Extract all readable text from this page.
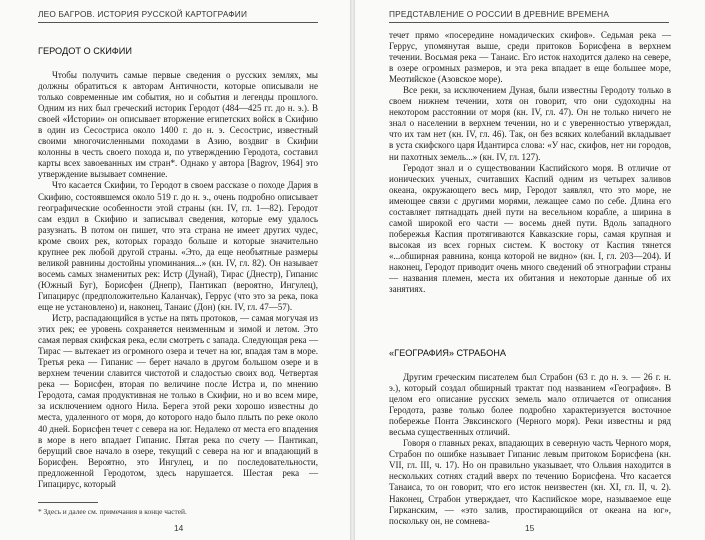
ЛЕО БАГРОВ. ИСТОРИЯ РУССКОЙ КАРТОГРАФИИ
ГЕРОДОТ О СКИФИИ

Чтобы получить самые первые сведения о русских землях, мы должны обратиться к авторам Античности, которые описывали не только современные им события, но и события и легенды прошлого. Одним из них был греческий историк Геродот (484—425 гг. до н. э.). В своей «Истории» он описывает вторжение египетских войск в Скифию в один из Сесострисa около 1400 г. до н. э. Сесострис, известный своими многочисленными походами в Азию, воздвиг в Скифии колонны в честь своего похода и, по утверждению Геродота, составил карты всех завоеванных им стран*. Однако у автора [Bagrov, 1964] это утверждение вызывает сомнение.

Что касается Скифии, то Геродот в своем рассказе о походе Дария в Скифию, состоявшемся около 519 г. до н. э., очень подробно описывает географические особенности этой страны (кн. IV, гл. 1—82). Геродот сам ездил в Скифию и записывал сведения, которые ему удалось разузнать. В потом он пишет, что эта страна не имеет других чудес, кроме своих рек, которых гораздо больше и которые значительно крупнее рек любой другой страны. «Это, да еще необъятные размеры великой равнины достойны упоминания...» (кн. IV, гл. 82). Он называет восемь самых знаменитых рек: Истр (Дунай), Тирас (Днестр), Гипанис (Южный Буг), Борисфен (Днепр), Пантикап (вероятно, Ингулец), Гипацирус (предположительно Каланчак), Геррус (что это за река, пока еще не установлено) и, наконец, Танаис (Дон) (кн. IV, гл. 47—57).

Истр, распадающийся в устье на пять протоков, — самая могучая из этих рек; ее уровень сохраняется неизменным и зимой и летом. Это самая первая скифская река, если смотреть с запада. Следующая река — Тирас — вытекает из огромного озера и течет на юг, впадая там в море. Третья река — Гипанис — берет начало в другом большом озере и в верхнем течении славится чистотой и сладостью своих вод. Четвертая река — Борисфен, вторая по величине после Истра и, по мнению Геродота, самая продуктивная не только в Скифии, но и во всем мире, за исключением одного Нила. Берега этой реки хорошо известны до места, удаленного от моря, до которого надо было плыть по реке около 40 дней. Борисфен течет с севера на юг. Недалеко от места его впадения в море в него впадает Гипанис. Пятая река по счету — Пантикап, берущий свое начало в озере, текущий с севера на юг и впадающий в Борисфен. Вероятно, это Ингулец, и по последовательности, предложенной Геродотом, здесь нарушается. Шестая река — Гипацирус, который

* Здесь и далее см. примечания в конце частей.
14
ПРЕДСТАВЛЕНИЕ О РОССИИ В ДРЕВНИЕ ВРЕМЕНА

течет прямо «посередине номадических скифов». Седьмая река — Геррус, упомянутая выше, среди притоков Борисфена в верхнем течении. Восьмая река — Танаис. Его исток находится далеко на севере, в озере огромных размеров, и эта река впадает в еще большее море, Меотийское (Азовское море).

Все реки, за исключением Дуная, были известны Геродоту только в своем нижнем течении, хотя он говорит, что они судоходны на некотором расстоянии от моря (кн. IV, гл. 47). Он не только ничего не знал о населении в верхнем течении, но и с уверенностью утверждал, что их там нет (кн. IV, гл. 46). Так, он без всяких колебаний вкладывает в уста скифского царя Идантирса слова: «У нас, скифов, нет ни городов, ни пахотных земель...» (кн. IV, гл. 127).

Геродот знал и о существовании Каспийского моря. В отличие от ионических ученых, считавших Каспий одним из четырех заливов океана, окружающего весь мир, Геродот заявлял, что это море, не имеющее связи с другими морями, лежащее само по себе. Длина его составляет пятнадцать дней пути на весельном корабле, а ширина в самой широкой его части — восемь дней пути. Вдоль западного побережья Каспия протягиваются Кавказские горы, самая крупная и высокая из всех горных систем. К востоку от Каспия тянется «...обширная равнина, конца которой не видно» (кн. I, гл. 203—204). И наконец, Геродот приводит очень много сведений об этнографии страны — названия племен, места их обитания и некоторые данные об их занятиях.

«ГЕОГРАФИЯ» СТРАБОНА

Другим греческим писателем был Страбон (63 г. до н. э. — 26 г. н. э.), который создал обширный трактат под названием «География». В целом его описание русских земель мало отличается от описания Геродота, разве только более подробно характеризуется восточное побережье Понта Эвксинского (Черного моря). Реки известны и ряд весьма существенных отличий.

Говоря о главных реках, впадающих в северную часть Черного моря, Страбон по ошибке называет Гипанис левым притоком Борисфена (кн. VII, гл. III, ч. 17). Но он правильно указывает, что Ольвия находится в нескольких сотнях стадий вверх по течению Борисфена. Что касается Танаиса, то он говорит, что его исток неизвестен (кн. XI, гл. II, ч. 2). Наконец, Страбон утверждает, что Каспийское море, называемое еще Гирканским, — «это залив, простирающийся от океана на юг», поскольку он, не сомнева-

15
